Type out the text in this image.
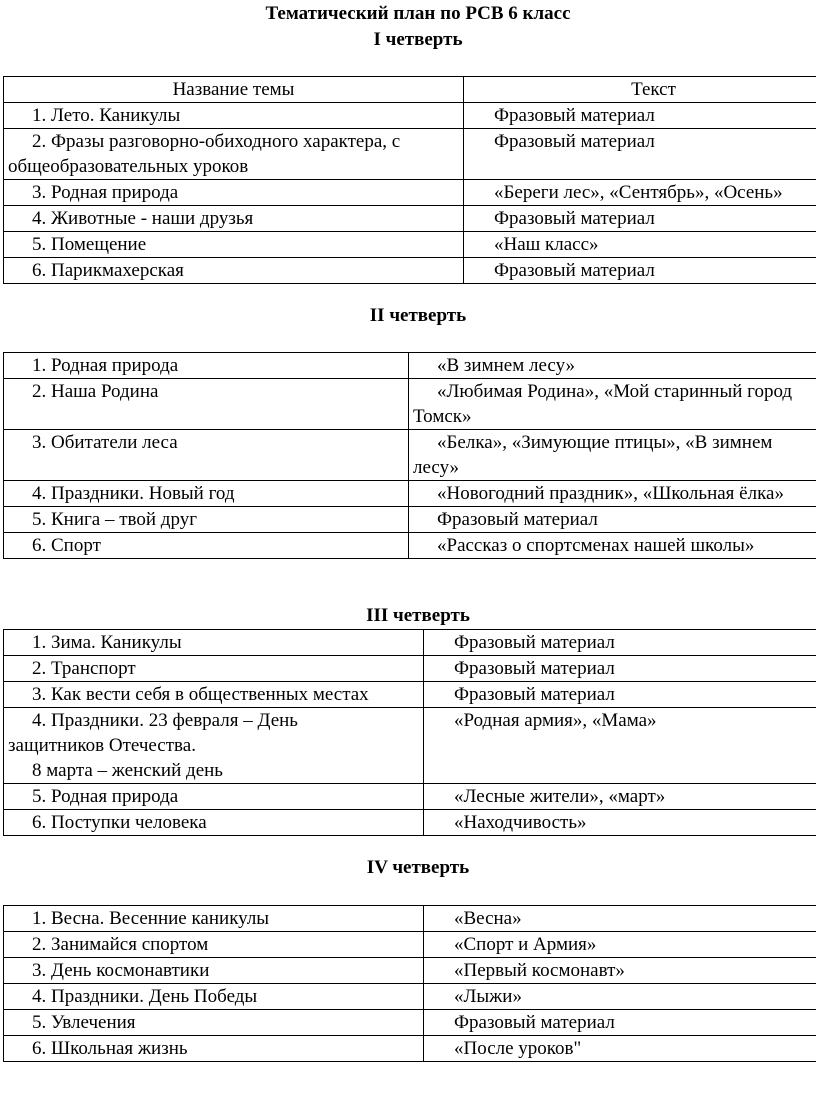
Тематический план по РСВ 6 класс
I четверть
Название темы	Текст
1. Лето. Каникулы	Фразовый материал
2. Фразы разговорно-обиходного характера, с общеобразовательных уроков	Фразовый материал
3. Родная природа	«Береги лес», «Сентябрь», «Осень»
4. Животные - наши друзья	Фразовый материал
5. Помещение	«Наш класс»
6. Парикмахерская	Фразовый материал
II четверть
1. Родная природа	«В зимнем лесу»
2. Наша Родина	«Любимая Родина», «Мой старинный город Томск»
3. Обитатели леса	«Белка», «Зимующие птицы», «В зимнем лесу»
4. Праздники. Новый год	«Новогодний праздник», «Школьная ёлка»
5. Книга – твой друг	Фразовый материал
6. Спорт	«Рассказ о спортсменах нашей школы»
III четверть
1. Зима. Каникулы	Фразовый материал
2. Транспорт	Фразовый материал
3. Как вести себя в общественных местах	Фразовый материал

4. Праздники. 23 февраля – День защитников Отечества.
8 марта – женский день	«Родная армия», «Мама»
5. Родная природа	«Лесные жители», «март»
6. Поступки человека	«Находчивость»
IV четверть
1. Весна. Весенние каникулы	«Весна»
2. Занимайся спортом	«Спорт и Армия»
3. День космонавтики	«Первый космонавт»
4. Праздники. День Победы	«Лыжи»
5. Увлечения	Фразовый материал
6. Школьная жизнь	«После уроков"
